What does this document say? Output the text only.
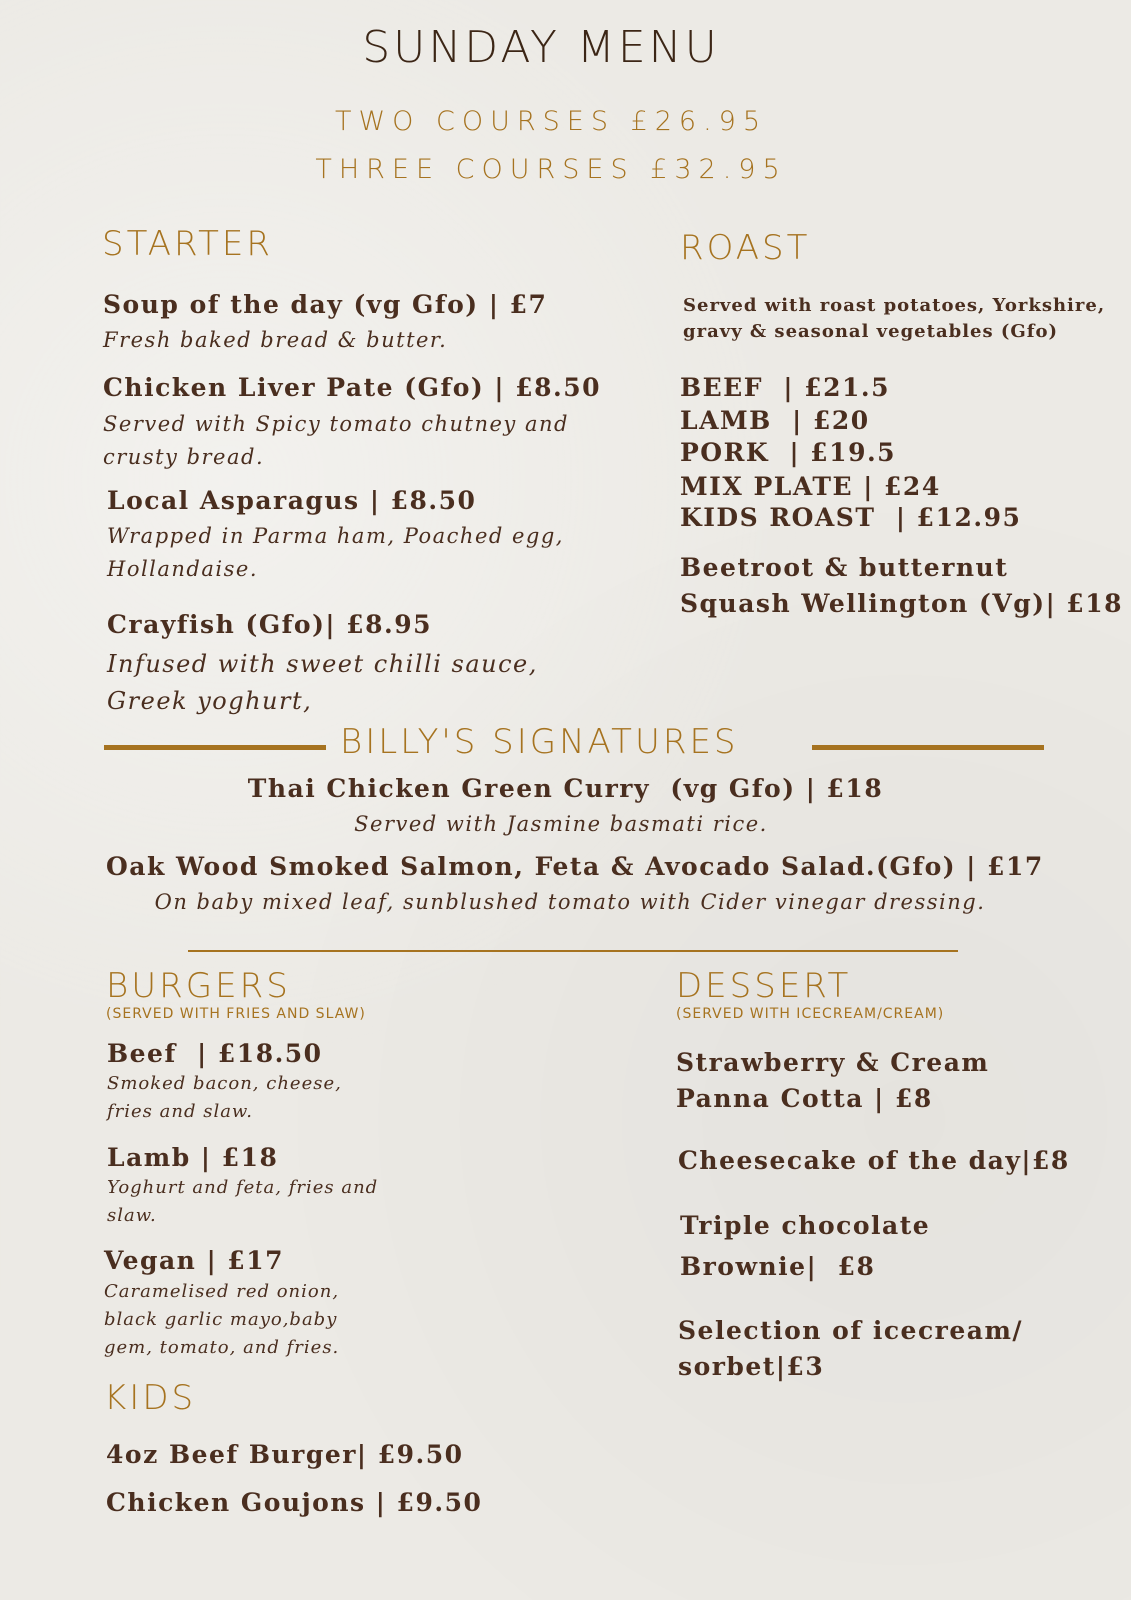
SUNDAY MENU
TWO COURSES £26.95
THREE COURSES £32.95
STARTER
Soup of the day (vg Gfo) | £7
Fresh baked bread & butter.
Chicken Liver Pate (Gfo) | £8.50
Served with Spicy tomato chutney and
crusty bread.
Local Asparagus | £8.50
Wrapped in Parma ham, Poached egg,
Hollandaise.
Crayfish (Gfo)| £8.95
Infused with sweet chilli sauce,
Greek yoghurt,
ROAST
Served with roast potatoes, Yorkshire,
gravy & seasonal vegetables (Gfo)
BEEF  | £21.5
LAMB  | £20
PORK  | £19.5
MIX PLATE | £24
KIDS ROAST  | £12.95
Beetroot & butternut
Squash Wellington (Vg)| £18
BILLY'S SIGNATURES
Thai Chicken Green Curry  (vg Gfo) | £18
Served with Jasmine basmati rice.
Oak Wood Smoked Salmon, Feta & Avocado Salad.(Gfo) | £17
On baby mixed leaf, sunblushed tomato with Cider vinegar dressing.
BURGERS
(SERVED WITH FRIES AND SLAW)
Beef  | £18.50
Smoked bacon, cheese,
fries and slaw.
Lamb | £18
Yoghurt and feta, fries and
slaw.
Vegan | £17
Caramelised red onion,
black garlic mayo,baby
gem, tomato, and fries.
KIDS
4oz Beef Burger| £9.50
Chicken Goujons | £9.50
DESSERT
(SERVED WITH ICECREAM/CREAM)
Strawberry & Cream
Panna Cotta | £8
Cheesecake of the day|£8
Triple chocolate
Brownie|  £8
Selection of icecream/
sorbet|£3
